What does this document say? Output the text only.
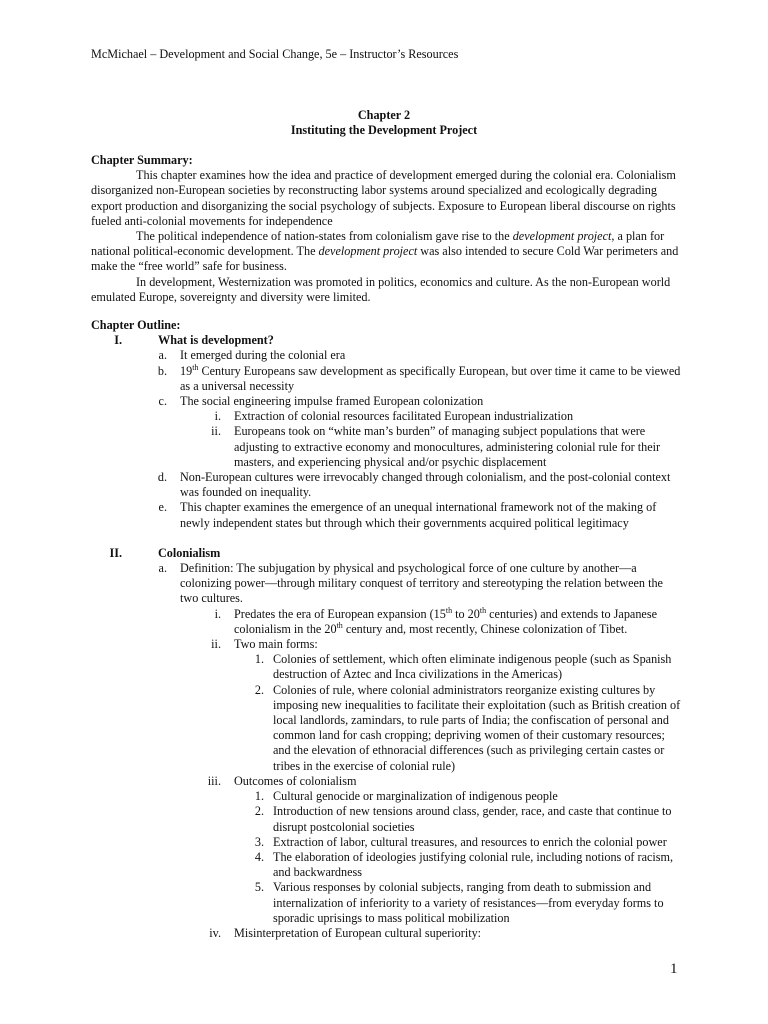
McMichael – Development and Social Change, 5e – Instructor’s Resources
Chapter 2
Instituting the Development Project
Chapter Summary:

This chapter examines how the idea and practice of development emerged during the colonial era. Colonialism disorganized non-European societies by reconstructing labor systems around specialized and ecologically degrading export production and disorganizing the social psychology of subjects. Exposure to European liberal discourse on rights fueled anti-colonial movements for independence

The political independence of nation-states from colonialism gave rise to the development project, a plan for national political-economic development. The development project was also intended to secure Cold War perimeters and make the “free world” safe for business.

In development, Westernization was promoted in politics, economics and culture. As the non-European world emulated Europe, sovereignty and diversity were limited.

Chapter Outline:
I.	What is development?
a. It emerged during the colonial era
b. 19th Century Europeans saw development as specifically European, but over time it came to be viewed as a universal necessity
c. The social engineering impulse framed European colonization
i. Extraction of colonial resources facilitated European industrialization
ii. Europeans took on “white man’s burden” of managing subject populations that were adjusting to extractive economy and monocultures, administering colonial rule for their masters, and experiencing physical and/or psychic displacement
d. Non-European cultures were irrevocably changed through colonialism, and the post-colonial context was founded on inequality.
e. This chapter examines the emergence of an unequal international framework not of the making of newly independent states but through which their governments acquired political legitimacy
II.	Colonialism
a. Definition: The subjugation by physical and psychological force of one culture by another—a colonizing power—through military conquest of territory and stereotyping the relation between the two cultures.
i. Predates the era of European expansion (15th to 20th centuries) and extends to Japanese colonialism in the 20th century and, most recently, Chinese colonization of Tibet.
ii. Two main forms:
1. Colonies of settlement, which often eliminate indigenous people (such as Spanish destruction of Aztec and Inca civilizations in the Americas)
2. Colonies of rule, where colonial administrators reorganize existing cultures by imposing new inequalities to facilitate their exploitation (such as British creation of local landlords, zamindars, to rule parts of India; the confiscation of personal and common land for cash cropping; depriving women of their customary resources; and the elevation of ethnoracial differences (such as privileging certain castes or tribes in the exercise of colonial rule)
iii. Outcomes of colonialism
1. Cultural genocide or marginalization of indigenous people
2. Introduction of new tensions around class, gender, race, and caste that continue to disrupt postcolonial societies
3. Extraction of labor, cultural treasures, and resources to enrich the colonial power
4. The elaboration of ideologies justifying colonial rule, including notions of racism, and backwardness
5. Various responses by colonial subjects, ranging from death to submission and internalization of inferiority to a variety of resistances—from everyday forms to sporadic uprisings to mass political mobilization
iv. Misinterpretation of European cultural superiority:
1
